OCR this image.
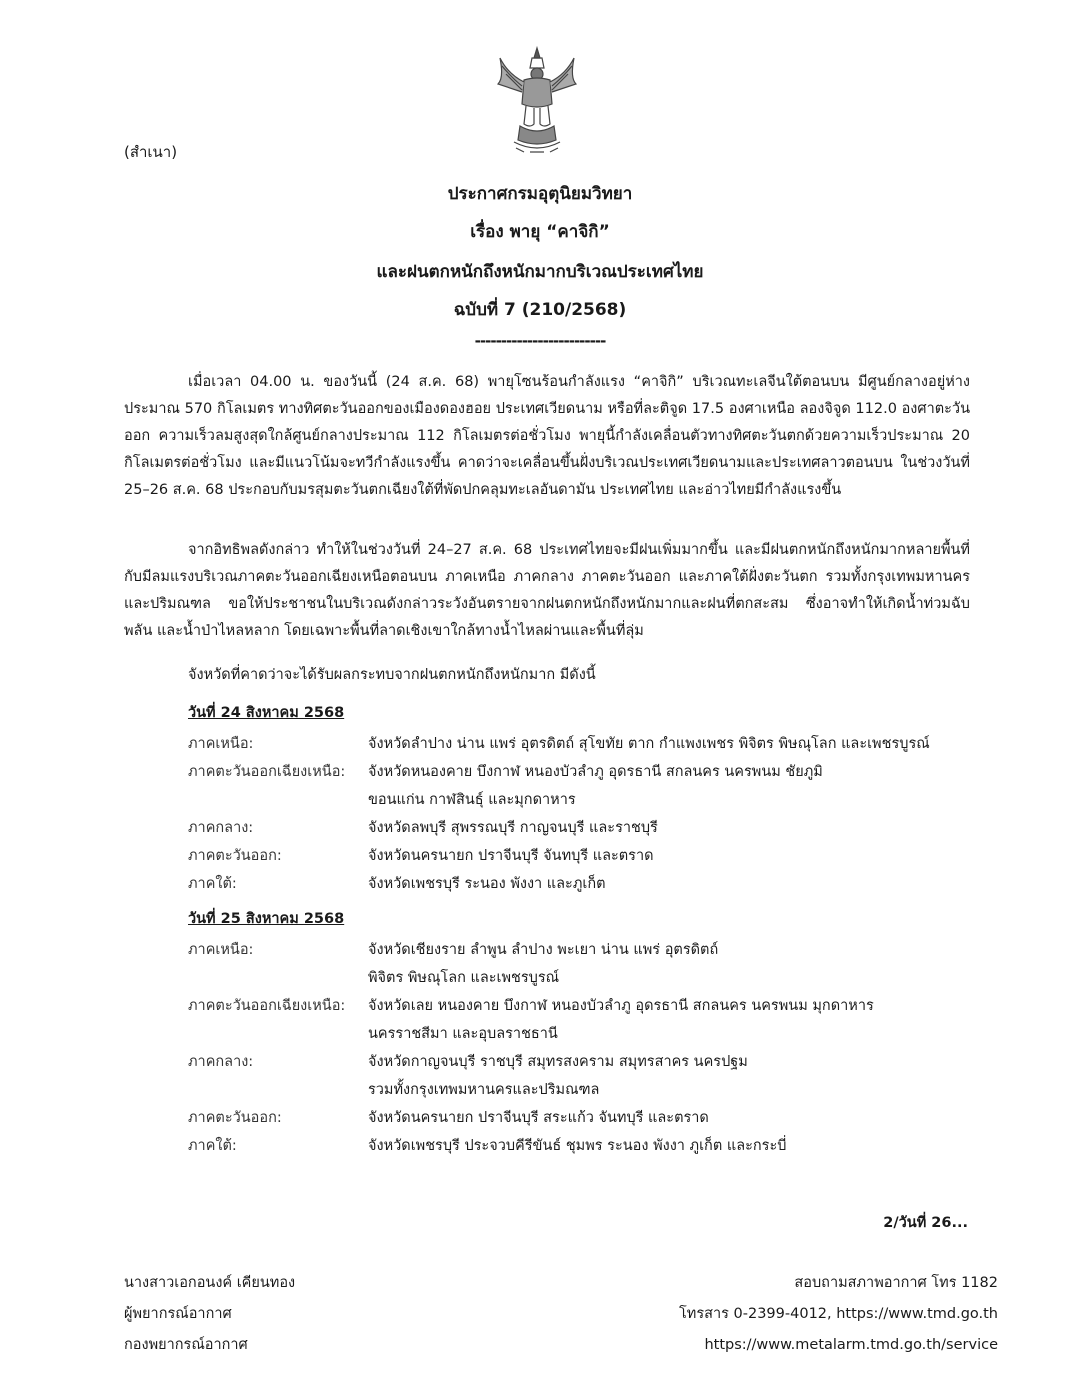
(สำเนา)
ประกาศกรมอุตุนิยมวิทยา
เรื่อง พายุ “คาจิกิ”
และฝนตกหนักถึงหนักมากบริเวณประเทศไทย
ฉบับที่ 7 (210/2568)
-------------------------
เมื่อเวลา 04.00 น. ของวันนี้ (24 ส.ค. 68) พายุโซนร้อนกำลังแรง “คาจิกิ” บริเวณทะเลจีนใต้ตอนบน มีศูนย์กลางอยู่ห่างประมาณ 570 กิโลเมตร ทางทิศตะวันออกของเมืองดองฮอย ประเทศเวียดนาม หรือที่ละติจูด 17.5 องศาเหนือ ลองจิจูด 112.0 องศาตะวันออก ความเร็วลมสูงสุดใกล้ศูนย์กลางประมาณ 112 กิโลเมตรต่อชั่วโมง พายุนี้กำลังเคลื่อนตัวทางทิศตะวันตกด้วยความเร็วประมาณ 20 กิโลเมตรต่อชั่วโมง และมีแนวโน้มจะทวีกำลังแรงขึ้น คาดว่าจะเคลื่อนขึ้นฝั่งบริเวณประเทศเวียดนามและประเทศลาวตอนบน ในช่วงวันที่ 25–26 ส.ค. 68 ประกอบกับมรสุมตะวันตกเฉียงใต้ที่พัดปกคลุมทะเลอันดามัน ประเทศไทย และอ่าวไทยมีกำลังแรงขึ้น
จากอิทธิพลดังกล่าว ทำให้ในช่วงวันที่ 24–27 ส.ค. 68 ประเทศไทยจะมีฝนเพิ่มมากขึ้น และมีฝนตกหนักถึงหนักมากหลายพื้นที่ กับมีลมแรงบริเวณภาคตะวันออกเฉียงเหนือตอนบน ภาคเหนือ ภาคกลาง ภาคตะวันออก และภาคใต้ฝั่งตะวันตก รวมทั้งกรุงเทพมหานครและปริมณฑล ขอให้ประชาชนในบริเวณดังกล่าวระวังอันตรายจากฝนตกหนักถึงหนักมากและฝนที่ตกสะสม ซึ่งอาจทำให้เกิดน้ำท่วมฉับพลัน และน้ำป่าไหลหลาก โดยเฉพาะพื้นที่ลาดเชิงเขาใกล้ทางน้ำไหลผ่านและพื้นที่ลุ่ม
จังหวัดที่คาดว่าจะได้รับผลกระทบจากฝนตกหนักถึงหนักมาก มีดังนี้
วันที่ 24 สิงหาคม 2568
ภาคเหนือ:	จังหวัดลำปาง น่าน แพร่ อุตรดิตถ์ สุโขทัย ตาก กำแพงเพชร พิจิตร พิษณุโลก และเพชรบูรณ์
ภาคตะวันออกเฉียงเหนือ:	จังหวัดหนองคาย บึงกาฬ หนองบัวลำภู อุดรธานี สกลนคร นครพนม ชัยภูมิ
ขอนแก่น กาฬสินธุ์ และมุกดาหาร
ภาคกลาง:	จังหวัดลพบุรี สุพรรณบุรี กาญจนบุรี และราชบุรี
ภาคตะวันออก:	จังหวัดนครนายก ปราจีนบุรี จันทบุรี และตราด
ภาคใต้:	จังหวัดเพชรบุรี ระนอง พังงา และภูเก็ต
วันที่ 25 สิงหาคม 2568
ภาคเหนือ:	จังหวัดเชียงราย ลำพูน ลำปาง พะเยา น่าน แพร่ อุตรดิตถ์
พิจิตร พิษณุโลก และเพชรบูรณ์
ภาคตะวันออกเฉียงเหนือ:	จังหวัดเลย หนองคาย บึงกาฬ หนองบัวลำภู อุดรธานี สกลนคร นครพนม มุกดาหาร
นครราชสีมา และอุบลราชธานี
ภาคกลาง:	จังหวัดกาญจนบุรี ราชบุรี สมุทรสงคราม สมุทรสาคร นครปฐม
รวมทั้งกรุงเทพมหานครและปริมณฑล
ภาคตะวันออก:	จังหวัดนครนายก ปราจีนบุรี สระแก้ว จันทบุรี และตราด
ภาคใต้:	จังหวัดเพชรบุรี ประจวบคีรีขันธ์ ชุมพร ระนอง พังงา ภูเก็ต และกระบี่
2/วันที่ 26...
นางสาวเอกอนงค์ เคียนทอง
ผู้พยากรณ์อากาศ
กองพยากรณ์อากาศ
สอบถามสภาพอากาศ โทร 1182
โทรสาร 0-2399-4012, https://www.tmd.go.th
https://www.metalarm.tmd.go.th/service
